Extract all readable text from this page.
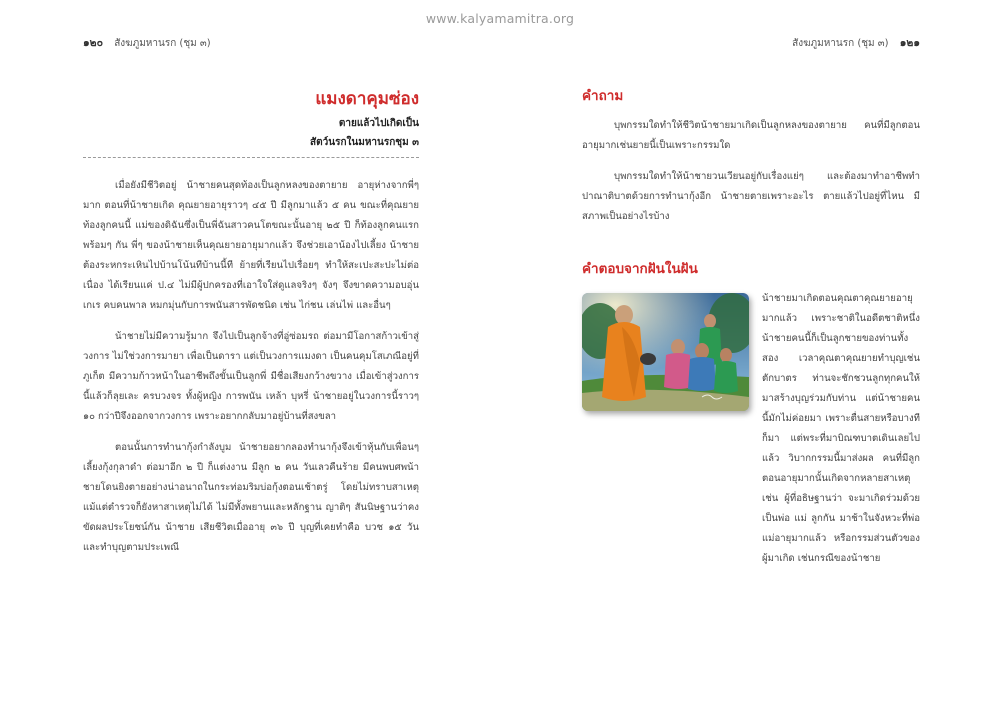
www.kalyamamitra.org
๑๒๐ สังฆภูมหานรก (ชุม ๓)	สังฆภูมหานรก (ชุม ๓) ๑๒๑
แมงดาคุมซ่อง
ตายแล้วไปเกิดเป็น
สัตว์นรกในมหานรกชุม ๓

เมื่อยังมีชีวิตอยู่ น้าชายคนสุดท้องเป็นลูกหลงของตายาย อายุห่างจากพี่ๆ มาก ตอนที่น้าชายเกิด คุณยายอายุราวๆ ๔๕ ปี มีลูกมาแล้ว ๕ คน ขณะที่คุณยายท้องลูกคนนี้ แม่ของดิฉันซึ่งเป็นพี่ฉันสาวคนโตขณะนั้นอายุ ๒๕ ปี ก็ท้องลูกคนแรกพร้อมๆ กัน พี่ๆ ของน้าชายเห็นคุณยายอายุมากแล้ว จึงช่วยเอาน้องไปเลี้ยง น้าชายต้องระหกระเหินไปบ้านโน้นทีบ้านนี้ที ย้ายที่เรียนไปเรื่อยๆ ทำให้สะเปะสะปะไม่ต่อเนื่อง ได้เรียนแค่ ป.๔ ไม่มีผู้ปกครองที่เอาใจใส่ดูแลจริงๆ จังๆ จึงขาดความอบอุ่น เกเร คบคนพาล หมกมุ่นกับการพนันสารพัดชนิด เช่น ไก่ชน เล่นไพ่ และอื่นๆ

น้าชายไม่มีความรู้มาก จึงไปเป็นลูกจ้างที่อู่ซ่อมรถ ต่อมามีโอกาสก้าวเข้าสู่วงการ ไม่ใช่วงการมายา เพื่อเป็นดารา แต่เป็นวงการแมงดา เป็นคนคุมโสเภณีอยู่ที่ภูเก็ต มีความก้าวหน้าในอาชีพถึงขั้นเป็นลูกพี่ มีชื่อเสียงกว้างขวาง เมื่อเข้าสู่วงการนี้แล้วก็ลุยเละ ครบวงจร ทั้งผู้หญิง การพนัน เหล้า บุหรี่ น้าชายอยู่ในวงการนี้ราวๆ ๑๐ กว่าปีจึงออกจากวงการ เพราะอยากกลับมาอยู่บ้านที่สงขลา

ตอนนั้นการทำนากุ้งกำลังบูม น้าชายอยากลองทำนากุ้งจึงเข้าหุ้นกับเพื่อนๆ เลี้ยงกุ้งกุลาดำ ต่อมาอีก ๒ ปี ก็แต่งงาน มีลูก ๒ คน วันเลวคืนร้าย มีคนพบศพน้าชายโดนยิงตายอย่างน่าอนาถในกระท่อมริมบ่อกุ้งตอนเช้าตรู่ โดยไม่ทราบสาเหตุ แม้แต่ตำรวจก็ยังหาสาเหตุไม่ได้ ไม่มีทั้งพยานและหลักฐาน ญาติๆ สันนิษฐานว่าคงขัดผลประโยชน์กัน น้าชาย เสียชีวิตเมื่ออายุ ๓๖ ปี บุญที่เคยทำคือ บวช ๑๕ วัน และทำบุญตามประเพณี

คำถาม

บุพกรรมใดทำให้ชีวิตน้าชายมาเกิดเป็นลูกหลงของตายาย คนที่มีลูกตอนอายุมากเช่นยายนี้เป็นเพราะกรรมใด

บุพกรรมใดทำให้น้าชายวนเวียนอยู่กับเรื่องแย่ๆ และต้องมาทำอาชีพทำปาณาติบาตด้วยการทำนากุ้งอีก น้าชายตายเพราะอะไร ตายแล้วไปอยู่ที่ไหน มีสภาพเป็นอย่างไรบ้าง

คำตอบจากฝันในฝัน
น้าชายมาเกิดตอนคุณตาคุณยายอายุมากแล้ว เพราะชาติในอดีตชาติหนึ่ง น้าชายคนนี้ก็เป็นลูกชายของท่านทั้งสอง เวลาคุณตาคุณยายทำบุญเช่นตักบาตร ท่านจะชักชวนลูกทุกคนให้มาสร้างบุญร่วมกับท่าน แต่น้าชายคนนี้มักไม่ค่อยมา เพราะตื่นสายหรือบางทีก็มา แต่พระที่มาบิณฑบาตเดินเลยไปแล้ว วิบากกรรมนี้มาส่งผล คนที่มีลูกตอนอายุมากนั้นเกิดจากหลายสาเหตุ เช่น ผู้ที่อธิษฐานว่า จะมาเกิดร่วมด้วย เป็นพ่อ แม่ ลูกกัน มาช้าในจังหวะที่พ่อแม่อายุมากแล้ว หรือกรรมส่วนตัวของผู้มาเกิด เช่นกรณีของน้าชาย
